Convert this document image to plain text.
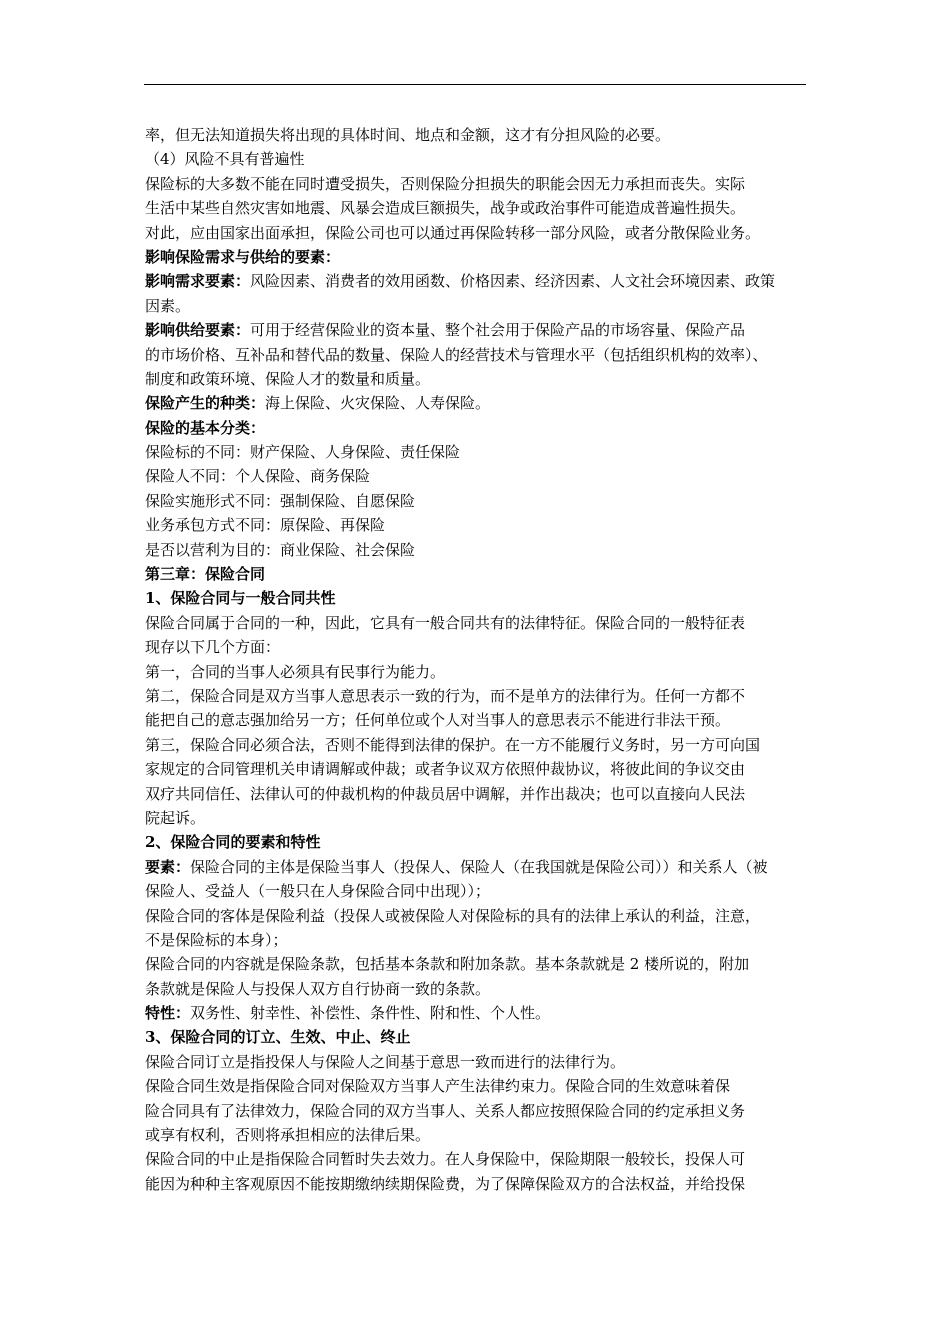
率，但无法知道损失将出现的具体时间、地点和金额，这才有分担风险的必要。
（4）风险不具有普遍性
保险标的大多数不能在同时遭受损失，否则保险分担损失的职能会因无力承担而丧失。实际
生活中某些自然灾害如地震、风暴会造成巨额损失，战争或政治事件可能造成普遍性损失。
对此，应由国家出面承担，保险公司也可以通过再保险转移一部分风险，或者分散保险业务。
影响保险需求与供给的要素：
影响需求要素：风险因素、消费者的效用函数、价格因素、经济因素、人文社会环境因素、政策
因素。
影响供给要素：可用于经营保险业的资本量、整个社会用于保险产品的市场容量、保险产品
的市场价格、互补品和替代品的数量、保险人的经营技术与管理水平（包括组织机构的效率）、
制度和政策环境、保险人才的数量和质量。
保险产生的种类：海上保险、火灾保险、人寿保险。
保险的基本分类：
保险标的不同：财产保险、人身保险、责任保险
保险人不同：个人保险、商务保险
保险实施形式不同：强制保险、自愿保险
业务承包方式不同：原保险、再保险
是否以营利为目的：商业保险、社会保险
第三章：保险合同
1、保险合同与一般合同共性
保险合同属于合同的一种，因此，它具有一般合同共有的法律特征。保险合同的一般特征表
现存以下几个方面：
第一，合同的当事人必须具有民事行为能力。
第二，保险合同是双方当事人意思表示一致的行为，而不是单方的法律行为。任何一方都不
能把自己的意志强加给另一方；任何单位或个人对当事人的意思表示不能进行非法干预。
第三，保险合同必须合法，否则不能得到法律的保护。在一方不能履行义务时，另一方可向国
家规定的合同管理机关申请调解或仲裁；或者争议双方依照仲裁协议，将彼此间的争议交由
双疗共同信任、法律认可的仲裁机构的仲裁员居中调解，并作出裁决；也可以直接向人民法
院起诉。
2、保险合同的要素和特性
要素：保险合同的主体是保险当事人（投保人、保险人（在我国就是保险公司））和关系人（被
保险人、受益人（一般只在人身保险合同中出现））；
保险合同的客体是保险利益（投保人或被保险人对保险标的具有的法律上承认的利益，注意，
不是保险标的本身）；
保险合同的内容就是保险条款，包括基本条款和附加条款。基本条款就是 2 楼所说的，附加
条款就是保险人与投保人双方自行协商一致的条款。
特性：双务性、射幸性、补偿性、条件性、附和性、个人性。
3、保险合同的订立、生效、中止、终止
保险合同订立是指投保人与保险人之间基于意思一致而进行的法律行为。
保险合同生效是指保险合同对保险双方当事人产生法律约束力。保险合同的生效意味着保
险合同具有了法律效力，保险合同的双方当事人、关系人都应按照保险合同的约定承担义务
或享有权利，否则将承担相应的法律后果。
保险合同的中止是指保险合同暂时失去效力。在人身保险中，保险期限一般较长，投保人可
能因为种种主客观原因不能按期缴纳续期保险费，为了保障保险双方的合法权益，并给投保
